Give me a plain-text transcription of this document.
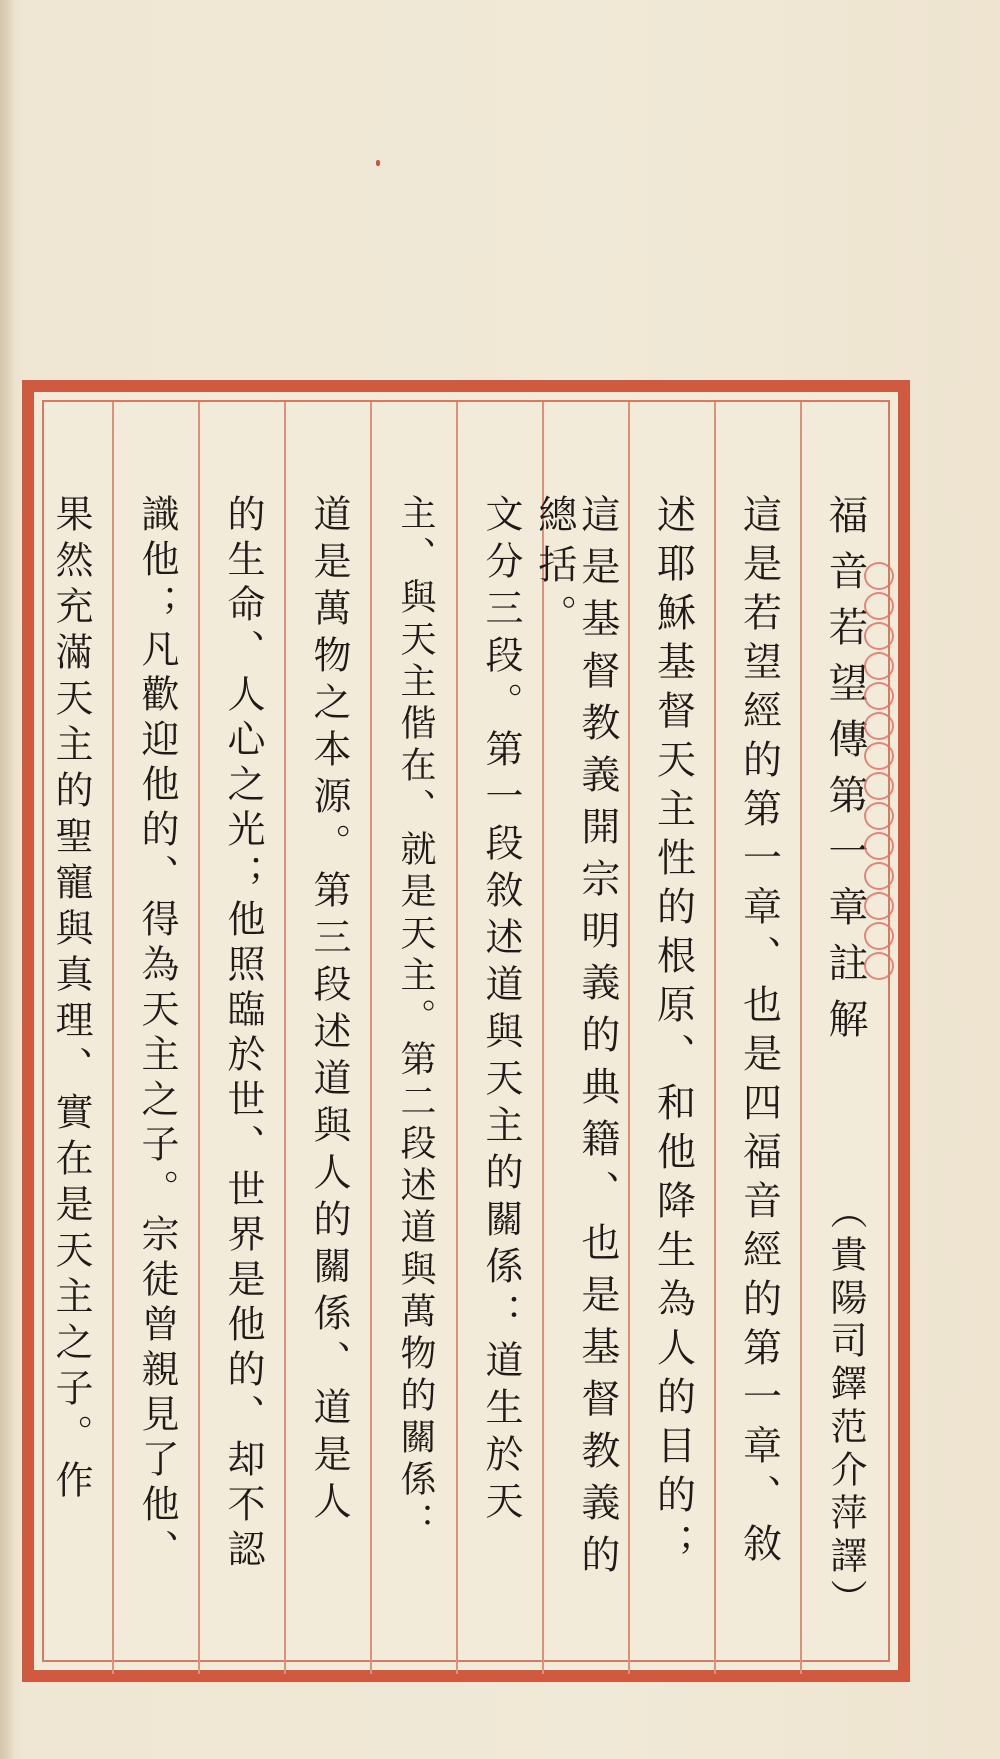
福音若望傳第一章註解
（貴陽司鐸范介萍譯）
這是若望經的第一章、也是四福音經的第一章、敘
述耶穌基督天主性的根原、和他降生為人的目的；
這是基督教義開宗明義的典籍、也是基督教義的
總括。
文分三段。第一段敘述道與天主的關係：道生於天
主、與天主偕在、就是天主。第二段述道與萬物的關係：
道是萬物之本源。第三段述道與人的關係、道是人
的生命、人心之光；他照臨於世、世界是他的、却不認
識他；凡歡迎他的、得為天主之子。宗徒曾親見了他、
果然充滿天主的聖寵與真理、實在是天主之子。作
